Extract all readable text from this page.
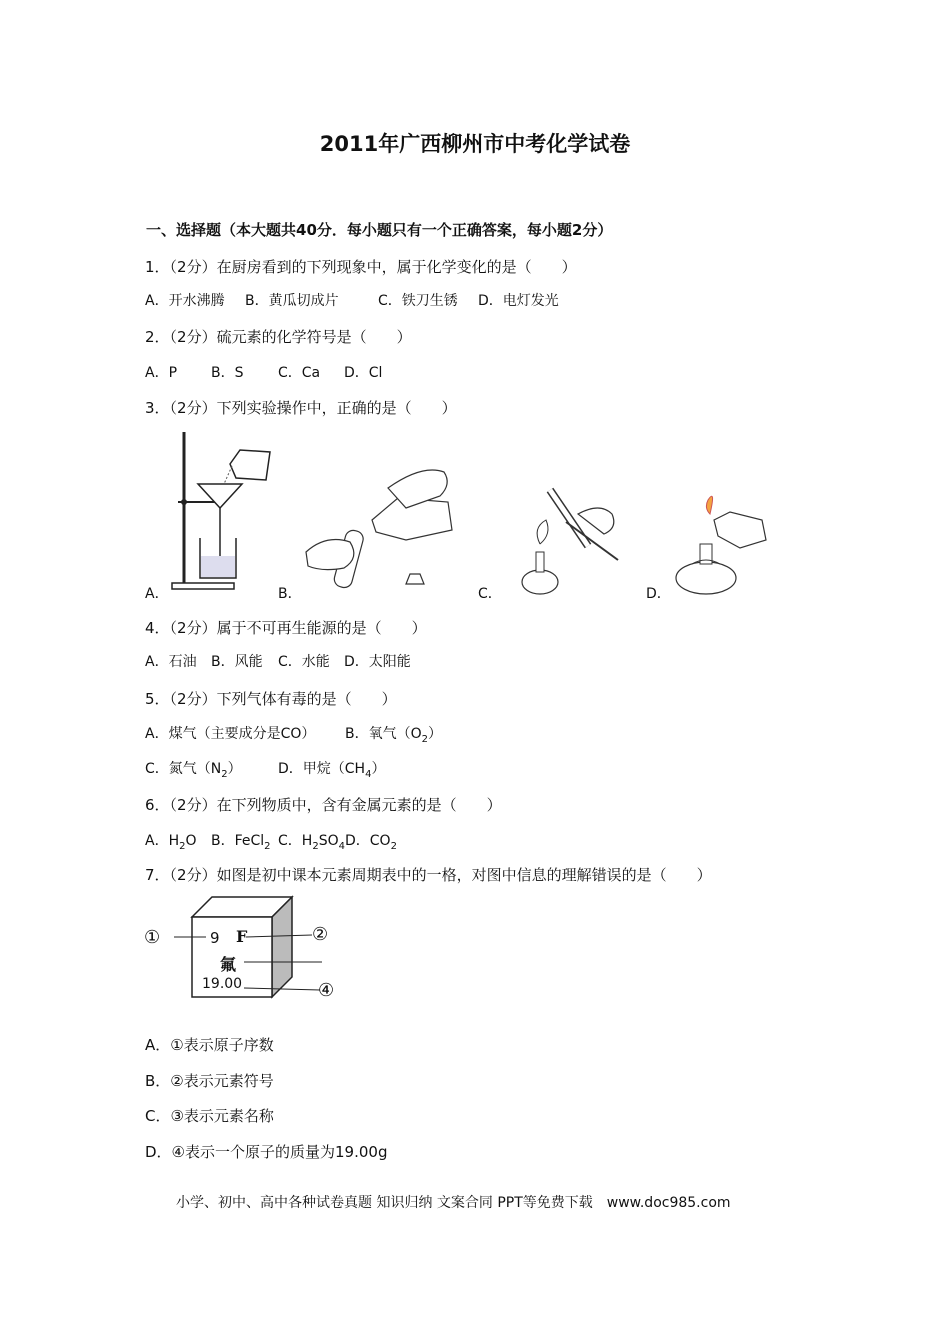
2011年广西柳州市中考化学试卷
一、选择题（本大题共40分．每小题只有一个正确答案，每小题2分）
1．（2分）在厨房看到的下列现象中，属于化学变化的是（　　）
A．开水沸腾 B．黄瓜切成片	C．铁刀生锈 D．电灯发光
2．（2分）硫元素的化学符号是（　　）
A．P B．S C．Ca D．Cl
3．（2分）下列实验操作中，正确的是（　　）
A．	B．	C．	D．
4．（2分）属于不可再生能源的是（　　）
A．石油 B．风能 C．水能 D．太阳能
5．（2分）下列气体有毒的是（　　）
A．煤气（主要成分是CO） B．氧气$(O_2)$
C．氮气$(N_2)$	D．甲烷$(CH_4)$
6．（2分）在下列物质中，含有金属元素的是（　　）
A．$H_2O$ B．FeCl$_2$ C．$H_2SO_4$ D．$CO_2$
7．（2分）如图是初中课本元素周期表中的一格，对图中信息的理解错误的是（　　）
①	9 F	②
氟
19.00	④
A．①表示原子序数
B．②表示元素符号
C．③表示元素名称
D．④表示一个原子的质量为19.00g
小学、初中、高中各种试卷真题 知识归纳 文案合同 PPT等免费下载　www.doc985.com
